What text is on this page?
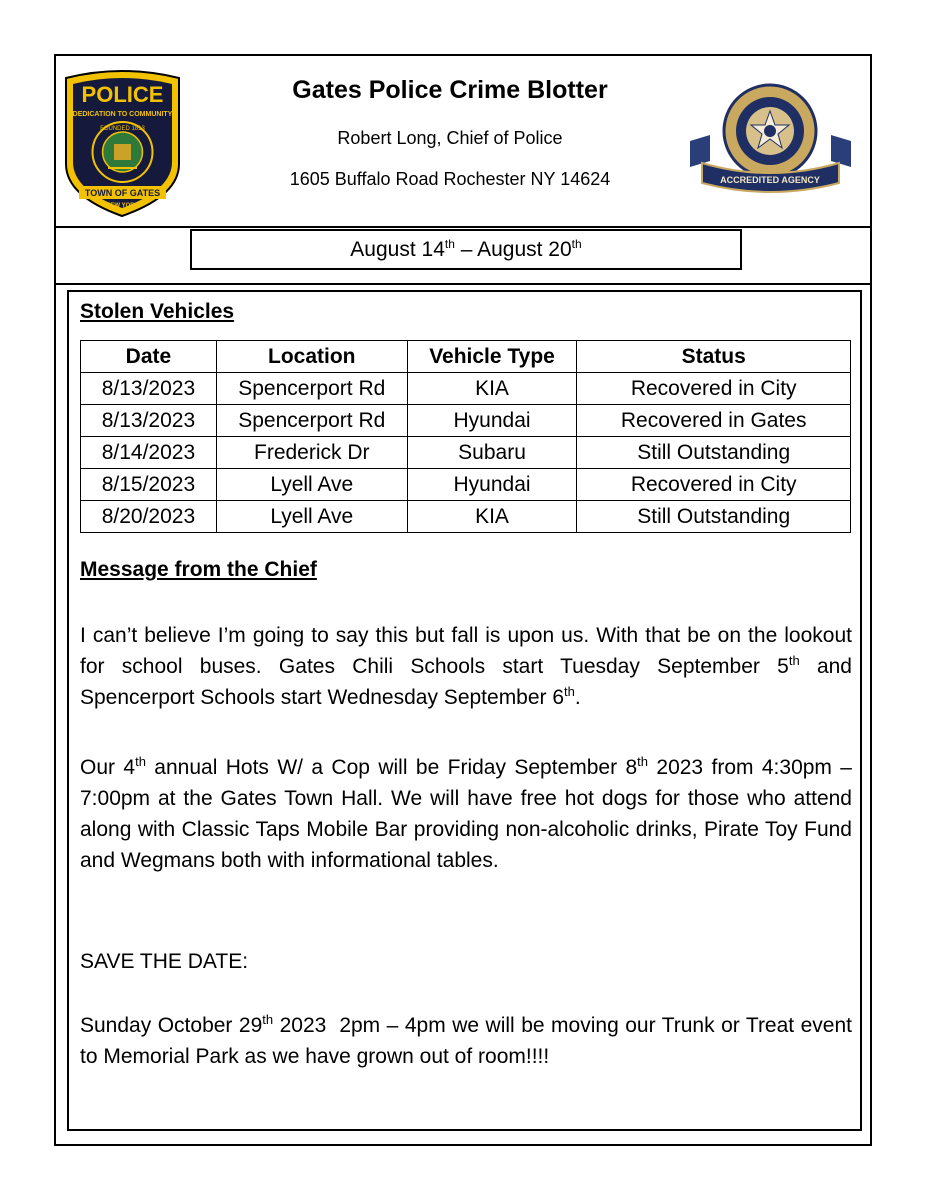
POLICE
DEDICATION TO COMMUNITY
FOUNDED 1813
TOWN OF GATES
NEW YORK
Gates Police Crime Blotter
Robert Long, Chief of Police
1605 Buffalo Road Rochester NY 14624	ACCREDITED AGENCY
August 14th – August 20th
Stolen Vehicles
Date	Location	Vehicle Type	Status
8/13/2023	Spencerport Rd	KIA	Recovered in City
8/13/2023	Spencerport Rd	Hyundai	Recovered in Gates
8/14/2023	Frederick Dr	Subaru	Still Outstanding
8/15/2023	Lyell Ave	Hyundai	Recovered in City
8/20/2023	Lyell Ave	KIA	Still Outstanding
Message from the Chief
I can’t believe I’m going to say this but fall is upon us. With that be on the lookout for school buses. Gates Chili Schools start Tuesday September 5th and Spencerport Schools start Wednesday September 6th.
Our 4th annual Hots W/ a Cop will be Friday September 8th 2023 from 4:30pm – 7:00pm at the Gates Town Hall. We will have free hot dogs for those who attend along with Classic Taps Mobile Bar providing non-alcoholic drinks, Pirate Toy Fund and Wegmans both with informational tables.
SAVE THE DATE:
Sunday October 29th 2023  2pm – 4pm we will be moving our Trunk or Treat event to Memorial Park as we have grown out of room!!!!
